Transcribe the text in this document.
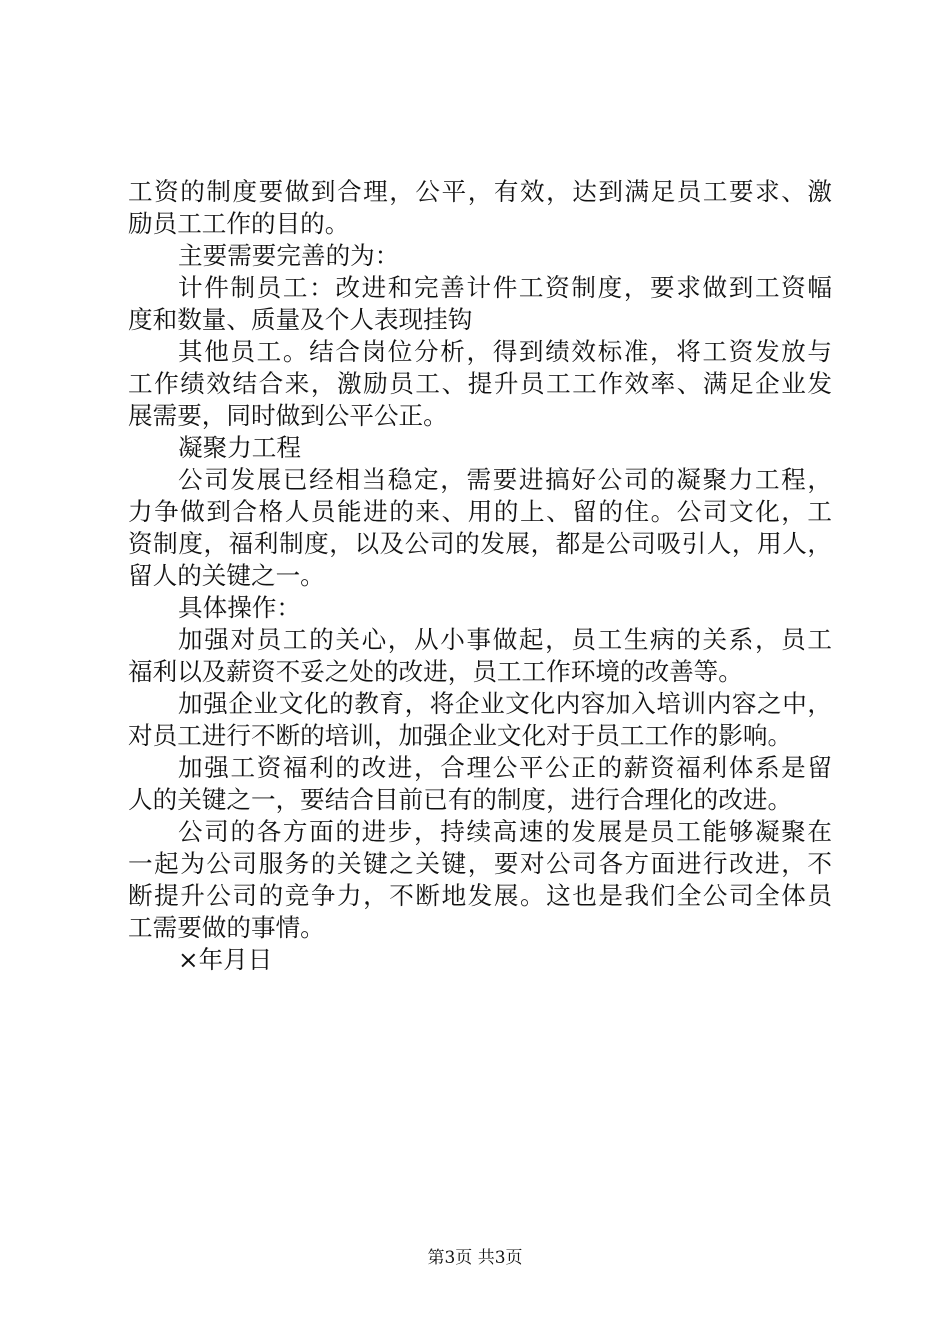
工资的制度要做到合理，公平，有效，达到满足员工要求、激
励员工工作的目的。
主要需要完善的为：
计件制员工：改进和完善计件工资制度，要求做到工资幅
度和数量、质量及个人表现挂钩
其他员工。结合岗位分析，得到绩效标准，将工资发放与
工作绩效结合来，激励员工、提升员工工作效率、满足企业发
展需要，同时做到公平公正。
凝聚力工程
公司发展已经相当稳定，需要进搞好公司的凝聚力工程，
力争做到合格人员能进的来、用的上、留的住。公司文化，工
资制度，福利制度，以及公司的发展，都是公司吸引人，用人，
留人的关键之一。
具体操作：
加强对员工的关心，从小事做起，员工生病的关系，员工
福利以及薪资不妥之处的改进，员工工作环境的改善等。
加强企业文化的教育，将企业文化内容加入培训内容之中，
对员工进行不断的培训，加强企业文化对于员工工作的影响。
加强工资福利的改进，合理公平公正的薪资福利体系是留
人的关键之一，要结合目前已有的制度，进行合理化的改进。
公司的各方面的进步，持续高速的发展是员工能够凝聚在
一起为公司服务的关键之关键，要对公司各方面进行改进，不
断提升公司的竞争力，不断地发展。这也是我们全公司全体员
工需要做的事情。
×年月日
第3页 共3页
